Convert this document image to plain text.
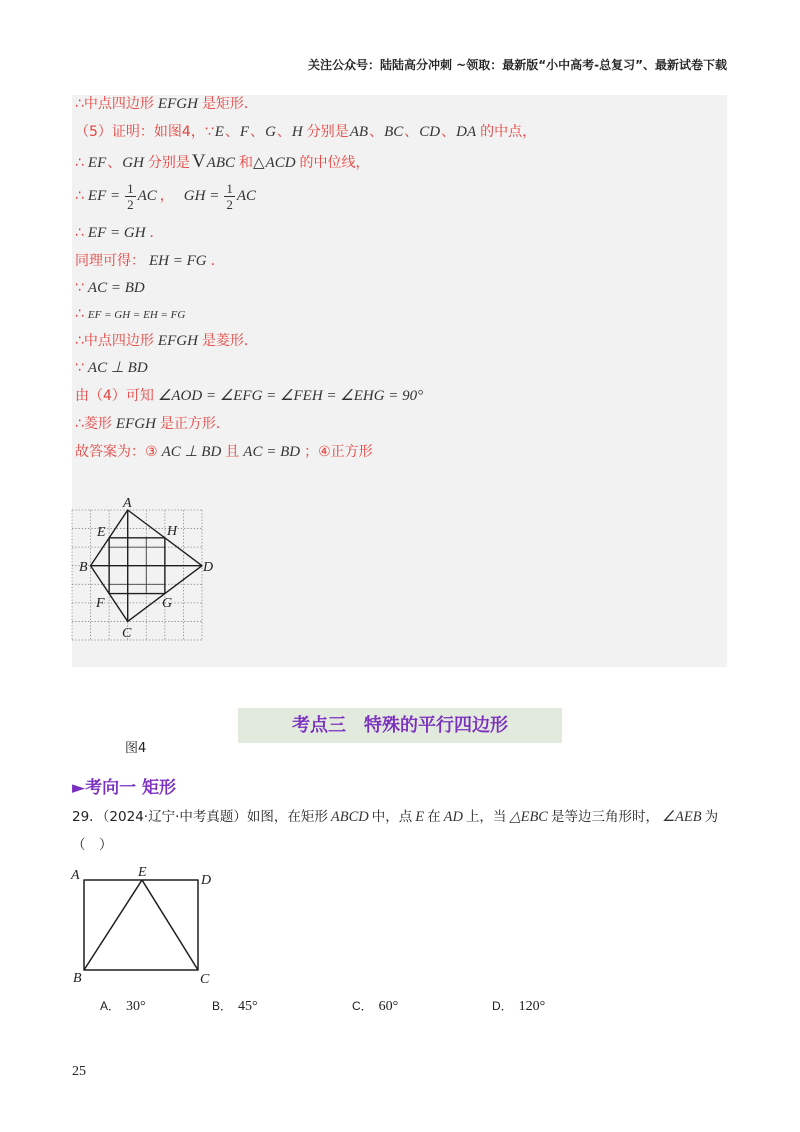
关注公众号：陆陆高分冲刺 ~领取：最新版“小中高考-总复习”、最新试卷下载
∴中点四边形 EFGH 是矩形．
（5）证明：如图4，∵ E 、 F 、 G 、 H 分别是 AB 、 BC 、 CD 、 DA 的中点，
∴ EF 、 GH 分别是 V ABC 和 △ ACD 的中位线，
∴ EF = $\frac{1}{2}$ AC ， GH = $\frac{1}{2}$ AC
∴ EF = GH ．
同理可得： EH = FG ．
∵ AC = BD
∴ EF = GH = EH = FG
∴中点四边形 EFGH 是菱形．
∵ AC ⊥ BD
由（4）可知 ∠AOD = ∠EFG = ∠FEH = ∠EHG = 90°
∴菱形 EFGH 是正方形．
故答案为：③ AC ⊥ BD 且 AC = BD ；④正方形
A
E	H
B	D
F	G
C
图4
考点三　特殊的平行四边形
►考向一 矩形
29．（2024·辽宁·中考真题）如图，在矩形 ABCD 中，点 E 在 AD 上，当 △EBC 是等边三角形时， ∠AEB 为
（　）
A	E
D
B	C
A． 30°	B． 45°	C． 60°	D． 120°
25
